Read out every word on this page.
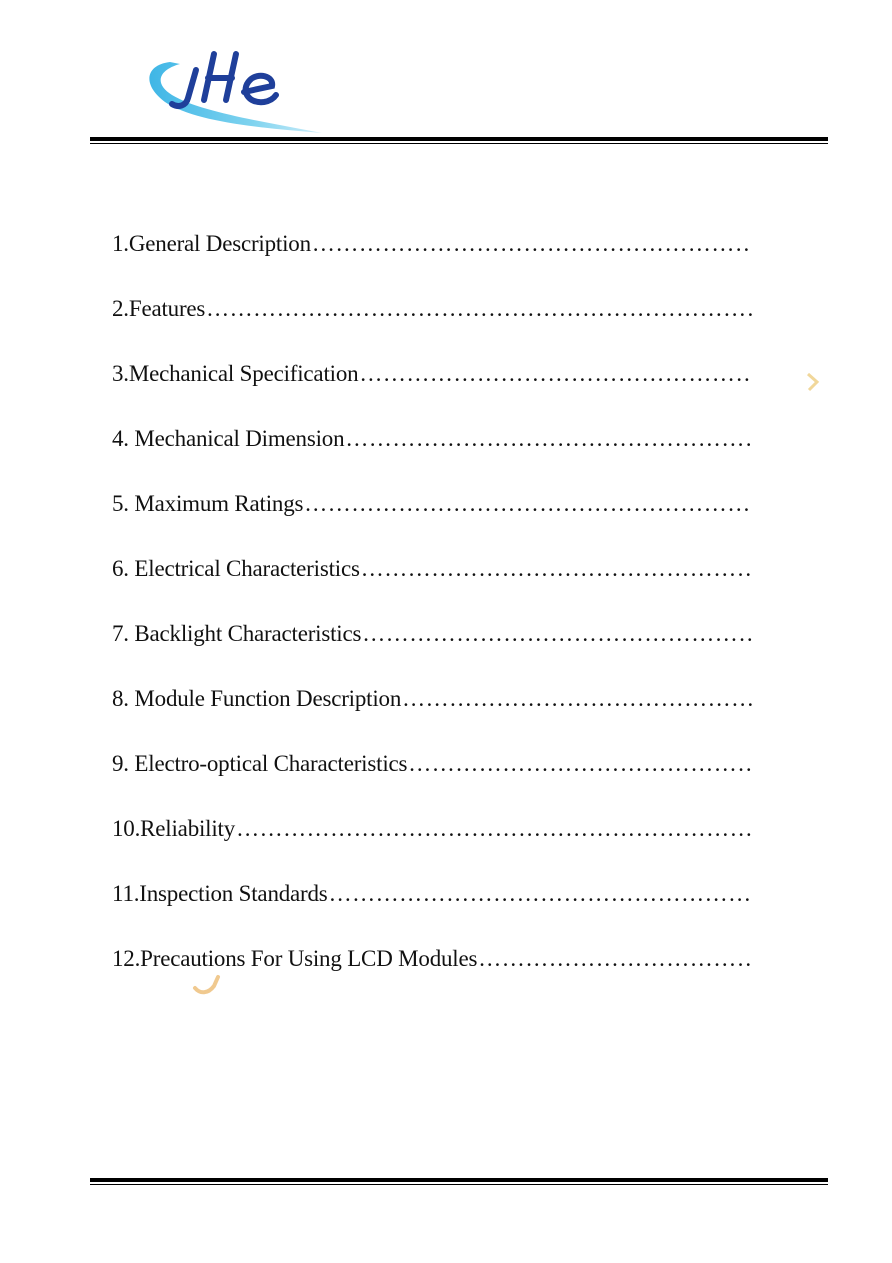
1.General Description
……………………………………………………………………………………………………
2.Features
……………………………………………………………………………………………………
3.Mechanical Specification
……………………………………………………………………………………………………
4. Mechanical Dimension
……………………………………………………………………………………………………
5. Maximum Ratings
……………………………………………………………………………………………………
6. Electrical Characteristics
……………………………………………………………………………………………………
7. Backlight Characteristics
……………………………………………………………………………………………………
8. Module Function Description
……………………………………………………………………………………………………
9. Electro-optical Characteristics
……………………………………………………………………………………………………
10.Reliability
……………………………………………………………………………………………………
11.Inspection Standards
……………………………………………………………………………………………………
12.Precautions For Using LCD Modules
……………………………………………………………………………………………………
